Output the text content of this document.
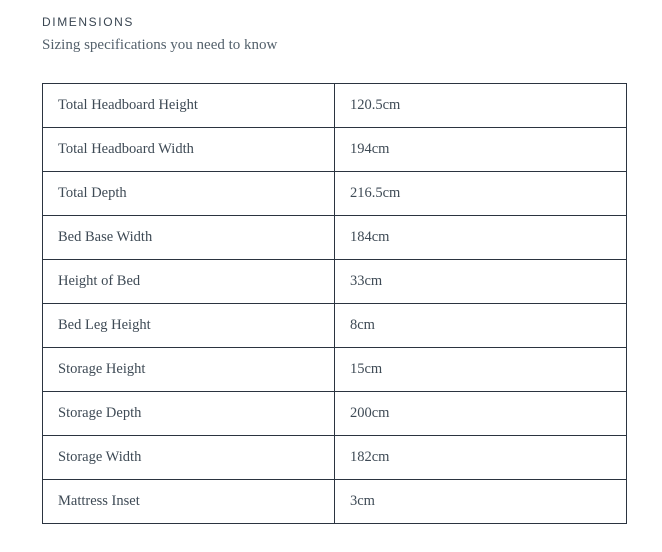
DIMENSIONS
Sizing specifications you need to know
Total Headboard Height	120.5cm
Total Headboard Width	194cm
Total Depth	216.5cm
Bed Base Width	184cm
Height of Bed	33cm
Bed Leg Height	8cm
Storage Height	15cm
Storage Depth	200cm
Storage Width	182cm
Mattress Inset	3cm
